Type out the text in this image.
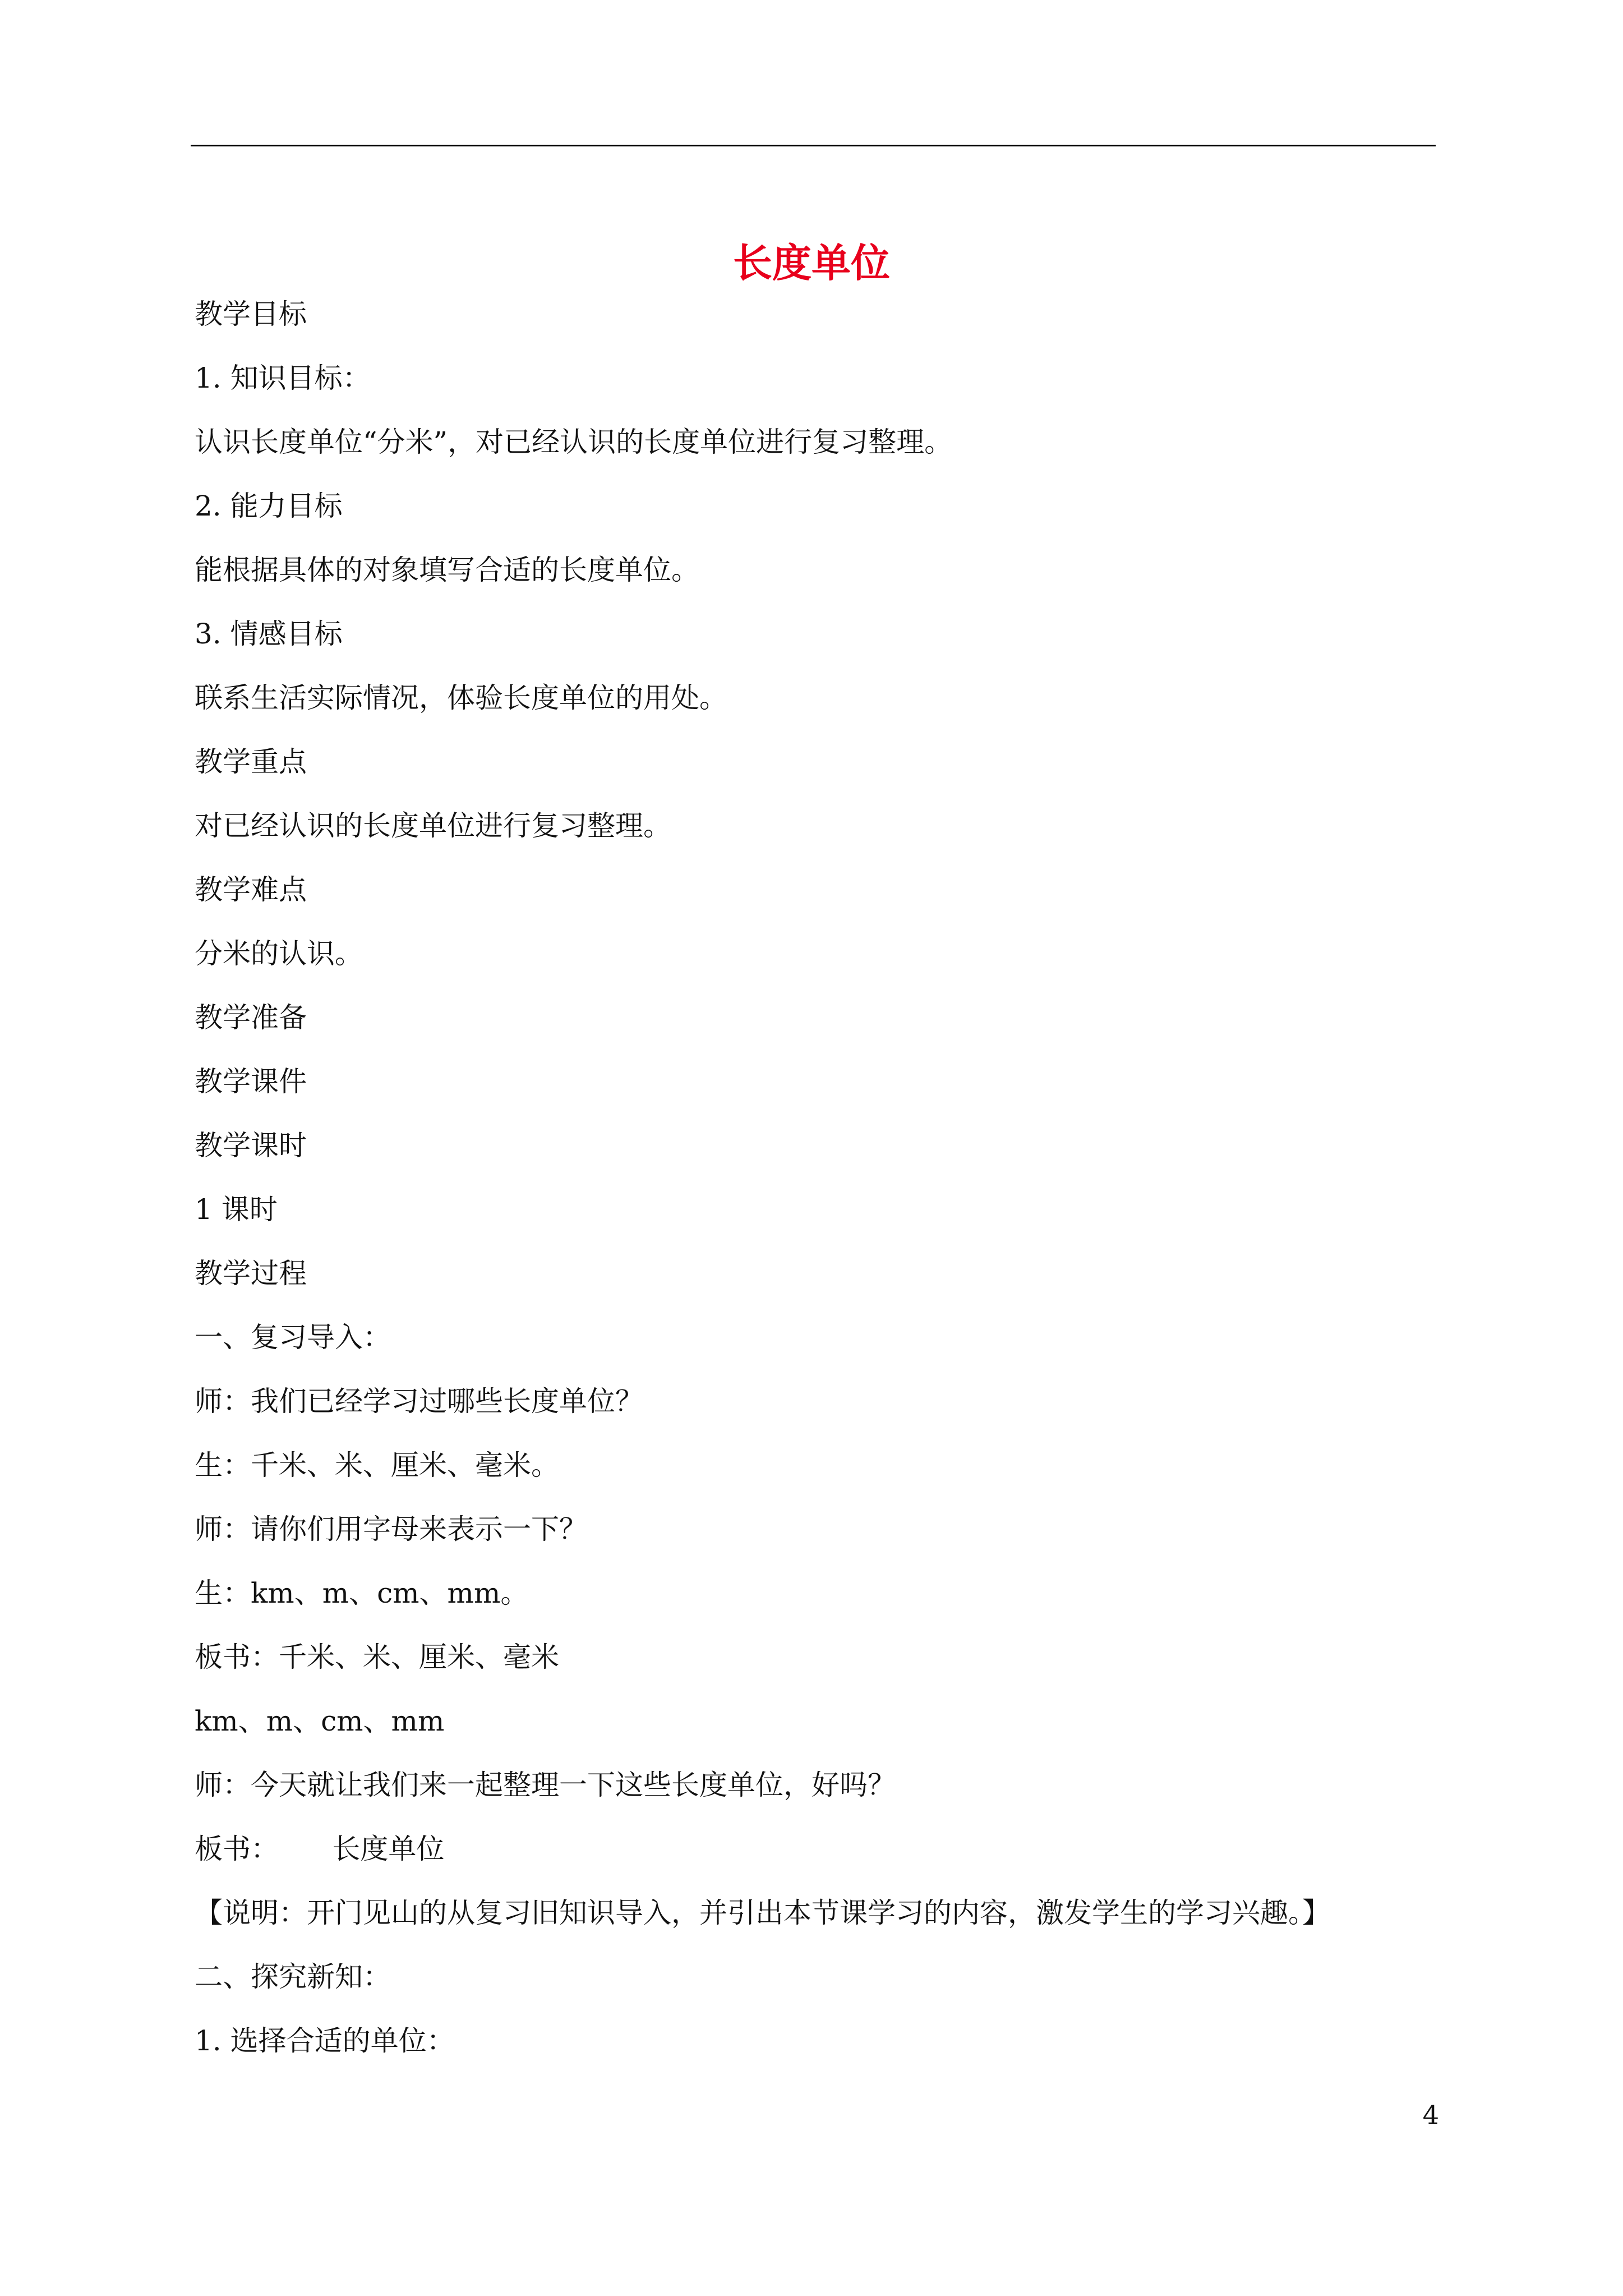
长度单位
教学目标
1. 知识目标：
认识长度单位“分米”，对已经认识的长度单位进行复习整理。
2. 能力目标
能根据具体的对象填写合适的长度单位。
3. 情感目标
联系生活实际情况，体验长度单位的用处。
教学重点
对已经认识的长度单位进行复习整理。
教学难点
分米的认识。
教学准备
教学课件
教学课时
1 课时
教学过程
一、复习导入：
师：我们已经学习过哪些长度单位？
生：千米、米、厘米、毫米。
师：请你们用字母来表示一下？
生：km、m、cm、mm。
板书：千米、米、厘米、毫米
km、m、cm、mm
师：今天就让我们来一起整理一下这些长度单位，好吗？
板书：      长度单位
【说明：开门见山的从复习旧知识导入，并引出本节课学习的内容，激发学生的学习兴趣。】
二、探究新知：
1. 选择合适的单位：
4
